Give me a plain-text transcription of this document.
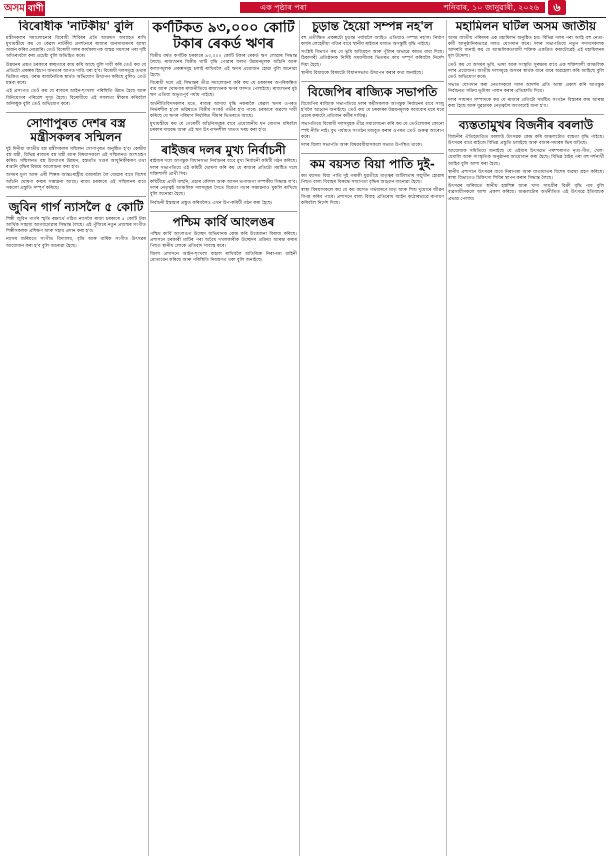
অসম বাণী	এক পৃষ্ঠাৰ পৰা	শনিবাৰ, ১০ জানুৱাৰী, ২০২৬	৬
বিৰোধীক 'নাটকীয়' বুলি

মন্ত্ৰীসকলৰ সমালোচনাৰ বিৰোধী শিবিৰৰ প্ৰতি আক্ৰমণ অব্যাহত ৰাখি মুখ্যমন্ত্ৰীয়ে কয় যে কেৱল নাটকীয় প্ৰদৰ্শনেৰে ৰাজ্যৰ জনসাধাৰণৰ আস্থা অৰ্জন কৰিব নোৱাৰি। তেওঁ বিৰোধী দলৰ কাৰ্যকলাপক বাস্তৱ সমস্যাৰ পৰা দৃষ্টি আঁতৰাবলৈ কৰা প্ৰচেষ্টা বুলি অভিহিত কৰে।

উন্নয়নৰ প্ৰশ্নত চৰকাৰে স্বচ্ছতাৰে কাম কৰি আছে বুলি দাবী কৰি তেওঁ কয় যে প্ৰতিটো প্ৰকল্পৰ হিচাপ জনতাৰ আগত দাঙি ধৰা হ'ব। বিৰোধী দলসমূহে তথ্যৰ ভিত্তিত নহয়, বৰঞ্চ ৰাজনৈতিক স্বাৰ্থত অভিযোগ উত্থাপন কৰিছে বুলিও তেওঁ মন্তব্য কৰে।

এই প্ৰসংগত তেওঁ কয় যে ৰাজ্যৰ আইন-শৃংখলা পৰিস্থিতি উন্নত হৈছে আৰু বিনিয়োগৰ পৰিৱেশ সুদৃঢ় হৈছে। বিৰোধীয়ে এই সফলতা স্বীকাৰ কৰিবলৈ অনিচ্ছুক বুলি তেওঁ অভিযোগ কৰে।

সোণাপুৰত দেশৰ বস্ত্ৰ মন্ত্ৰীসকলৰ সন্মিলন

দুই দিনীয়া জাতীয় বস্ত্ৰ মন্ত্ৰীসকলৰ সন্মিলন সোণাপুৰত অনুষ্ঠিত হ'ব। কেন্দ্ৰীয় বস্ত্ৰ মন্ত্ৰী, বিভিন্ন ৰাজ্যৰ বস্ত্ৰ মন্ত্ৰী আৰু বিষয়াসকলে এই সন্মিলনত অংশগ্ৰহণ কৰিব। সন্মিলনত বস্ত্ৰ উদ্যোগৰ উন্নয়ন, হস্ততাঁত খণ্ডৰ আধুনিকীকৰণ তথা ৰপ্তানি বৃদ্ধিৰ বিষয়ে আলোচনা কৰা হ'ব।

অসমৰ মুগা আৰু এৰী শিল্পক আন্তঃৰাষ্ট্ৰীয় বজাৰলৈ লৈ যোৱাৰ বাবে বিশেষ আঁচনি ঘোষণা কৰাৰ সম্ভাৱনা আছে। ৰাজ্য চৰকাৰে এই সন্মিলনৰ বাবে সকলো প্ৰস্তুতি সম্পূৰ্ণ কৰিছে।

জুবিন গাৰ্গ ন্যাসলৈ ৫ কোটি

শিল্পী জুবিন গাৰ্গৰ স্মৃতি ৰক্ষাৰ্থে গঠিত ন্যাসলৈ ৰাজ্য চৰকাৰে ৫ কোটি টকা আৰ্থিক সাহায্য আগবঢ়োৱাৰ সিদ্ধান্ত লৈছে। এই পুঁজিৰে নতুন প্ৰজন্মৰ সংগীত শিল্পীসকলক প্ৰশিক্ষণ আৰু সহায় প্ৰদান কৰা হ'ব।

ন্যাসৰ জৰিয়তে সংগীত বিদ্যালয়, বৃত্তি আৰু বাৰ্ষিক সংগীত উৎসৱৰ আয়োজন কৰা হ'ব বুলি জনোৱা হৈছে।

কৰ্ণটিকত ৯৩,০০০ কোটি টকাৰ ৰেকৰ্ড ঋণৰ

বিত্তীয় বৰ্ষত কৰ্ণটিক চৰকাৰে ৯৩,০০০ কোটি টকাৰ ৰেকৰ্ড ঋণ লোৱাৰ সিদ্ধান্ত লৈছে। ৰাজ্যখনৰ বিত্তীয় ঘাটি বৃদ্ধি পোৱাৰ ফলত উন্নয়নমূলক আঁচনি আৰু কল্যাণমূলক প্ৰকল্পসমূহ চলাই ৰাখিবলৈ এই ঋণৰ প্ৰয়োজন হোৱা বুলি জনোৱা হৈছে।

বিৰোধী দলে এই সিদ্ধান্তৰ তীব্ৰ সমালোচনা কৰি কয় যে চৰকাৰৰ অপৰিকল্পিত ব্যয় আৰু ঘোষণাৰ ৰাজনীতিয়ে ৰাজ্যখনক ঋণৰ ফান্দত পেলাইছে। ৰাজ্যখনৰ মুঠ ঋণ এতিয়া অভূতপূৰ্ব পৰ্যায় পাইছে।

অৰ্থনীতিবিদসকলৰ মতে, ৰাজস্ব আদায় বৃদ্ধি নকৰাকৈ কেৱল ঋণৰ ওপৰত নিৰ্ভৰশীল হ'লে ভৱিষ্যতে বিত্তীয় সংকট গভীৰ হ'ব পাৰে। চৰকাৰে অৱশ্যে দাবী কৰিছে যে ঋণৰ পৰিমাণ নিৰ্ধাৰিত সীমাৰ ভিতৰতে আছে।

মুখ্যমন্ত্ৰীয়ে কয় যে গেৰেণ্টী আঁচনিসমূহৰ বাবে প্ৰয়োজনীয় ধন যোগান ধৰিবলৈ চৰকাৰ দায়বদ্ধ আৰু এই ঋণ উৎপাদনশীল খাতত খৰচ কৰা হ'ব।

ৰাইজৰ দলৰ মুখ্য নিৰ্বাচনী

ৰাইজৰ দলে আগন্তুক বিধানসভা নিৰ্বাচনৰ বাবে মুখ্য নিৰ্বাচনী কমিটী গঠন কৰিছে। দলৰ সভাপতিয়ে এই কমিটী ঘোষণা কৰি কয় যে ৰাজ্যৰ প্ৰতিটো সমষ্টিত দলে শক্তিশালী প্ৰাৰ্থী দিব।

কমিটীয়ে প্ৰাৰ্থী বাছনি, প্ৰচাৰ কৌশল আৰু আসন ভগাজগা সম্পৰ্কীয় সিদ্ধান্ত ল'ব। দলৰ নেতৃত্বই আঞ্চলিক দলসমূহৰ সৈতে মিত্ৰতা গঢ়াৰ সম্ভাৱনাও মুকলি ৰাখিছে বুলি জনোৱা হৈছে।

নিৰ্বাচনী ইস্তাহাৰ প্ৰস্তুত কৰিবলৈও এখন উপ-কমিটী গঠন কৰা হৈছে।

পশ্চিম কাৰ্বি আংলঙৰ

পশ্চিম কাৰ্বি আংলঙত উচ্ছেদ অভিযানক কেন্দ্ৰ কৰি উত্তেজনা বিৰাজ কৰিছে। প্ৰশাসনে চৰকাৰী মাটিৰ পৰা অবৈধ দখলকাৰীক উচ্ছেদৰ প্ৰক্ৰিয়া আৰম্ভ কৰাৰ পিছত স্থানীয় লোকে প্ৰতিবাদ সাব্যস্ত কৰে।

জিলা প্ৰশাসনে আইন-শৃংখলা বাহাল ৰাখিবলৈ অতিৰিক্ত নিৰাপত্তা বাহিনী মোতায়েন কৰিছে আৰু পৰিস্থিতি নিয়ন্ত্ৰণত থকা বুলি জনাইছে।

চুড়ান্ত হৈয়ো সম্পন্ন নহ'ল

বহু প্ৰতীক্ষিত প্ৰকল্পটো চূড়ান্ত পৰ্যায়লৈ আহিও এতিয়াও সম্পন্ন নহ'ল। নিৰ্মাণ কাৰ্যৰ লেহেমীয়া গতিৰ বাবে স্থানীয় ৰাইজৰ মাজত অসন্তুষ্টি বৃদ্ধি পাইছে।

সংশ্লিষ্ট বিভাগে কয় যে ভূমি অধিগ্ৰহণ আৰু পুঁজিৰ অভাৱে কামত বাধা দিছে। ঠিকাদাৰী প্ৰতিষ্ঠানক নিৰ্দিষ্ট সময়সীমাৰ ভিতৰত কাম সম্পূৰ্ণ কৰিবলৈ নিৰ্দেশ দিয়া হৈছে।

স্থানীয় বিধায়কে বিষয়টো বিধানসভাত উত্থাপন কৰাৰ কথা জনাইছে।

বিজেপিৰ ৰাজ্যিক সভাপতি

বিজেপিৰ ৰাজ্যিক সভাপতিয়ে দলৰ কৰ্মীসকলক আগন্তুক নিৰ্বাচনৰ বাবে সাজু হ'বলৈ আহ্বান জনাইছে। তেওঁ কয় যে চৰকাৰৰ উন্নয়নমূলক কামবোৰ ঘৰে ঘৰে প্ৰচাৰ কৰাটো প্ৰতিজন কৰ্মীৰ দায়িত্ব।

সভাপতিয়ে বিৰোধী দলসমূহক তীব্ৰ সমালোচনা কৰি কয় যে তেওঁলোকৰ কোনো স্পষ্ট নীতি নাই। বুথ পৰ্যায়ত সংগঠন মজবুত কৰাৰ ওপৰত তেওঁ গুৰুত্ব আৰোপ কৰে।

দলৰ জিলা সভাপতি আৰু বিষয়ববীয়াসকলে সভাত উপস্থিত থাকে।

কম বয়সত বিয়া পাতি দুই-

কম বয়সত বিয়া পাতি দুই গৰাকী যুৱতীয়ে মাতৃত্বৰ জটিলতাৰ সন্মুখীন হোৱাৰ পিছত বাল্য বিবাহৰ বিৰুদ্ধে সজাগতা বৃদ্ধিৰ আহ্বান জনোৱা হৈছে।

স্বাস্থ্য বিষয়াসকলে কয় যে কম বয়সত গৰ্ভধাৰণে মাতৃ আৰু শিশু দুয়োৰে জীৱন বিপন্ন কৰিব পাৰে। প্ৰশাসনে বাল্য বিবাহ প্ৰতিৰোধ আইন কঠোৰভাৱে ৰূপায়ণ কৰিবলৈ নিৰ্দেশ দিছে।

মহামিলন ঘটিল অসম জাতীয়

অসম জাতীয় পৰিষদৰ এক মহামিলন অনুষ্ঠিত হয়। বিভিন্ন দলৰ পৰা আহি বহু নেতা-কৰ্মী আনুষ্ঠানিকভাৱে দলত যোগদান কৰে। দলৰ সভাপতিয়ে নতুন সদস্যসকলক আদৰণি জনাই কয় যে আঞ্চলিকতাবাদী শক্তিক একত্ৰিত কৰাটোৱেই এই মহামিলনৰ মূল উদ্দেশ্য।

তেওঁ কয় যে অসমৰ ভূমি, ভাষা আৰু সংস্কৃতি সুৰক্ষাৰ বাবে এক শক্তিশালী আঞ্চলিক দলৰ প্ৰয়োজন। জাতীয় দলসমূহে অসমৰ স্বাৰ্থক বাৰে বাৰে অৱহেলা কৰি আহিছে বুলি তেওঁ অভিযোগ কৰে।

সভাত যোগদান কৰা নেতাসকলে দলৰ আদৰ্শৰ প্ৰতি আস্থা প্ৰকাশ কৰি আগন্তুক নিৰ্বাচনত সক্ৰিয় ভূমিকা পালন কৰাৰ প্ৰতিশ্ৰুতি দিয়ে।

দলৰ সাধাৰণ সম্পাদকে কয় যে ৰাজ্যৰ প্ৰতিটো সমষ্টিত সংগঠন বিস্তাৰৰ কাম আৰম্ভ কৰা হৈছে আৰু যুৱচামক নেতৃত্বলৈ আগবঢ়াই অনা হ'ব।

ব্যস্ততামুখৰ বিজনীৰ বৰলাউ

বিজনীৰ ঐতিহ্যমণ্ডিত বৰলাউ উৎসৱক কেন্দ্ৰ কৰি অঞ্চলটোত ব্যস্ততা বৃদ্ধি পাইছে। উৎসৱৰ বাবে ৰাইজে বিভিন্ন প্ৰস্তুতি চলাইছে আৰু বজাৰ-সমাৰৰ ভিৰ বাঢ়িছে।

আয়োজক সমিতিয়ে জনাইছে যে এইবাৰ উৎসৱত পৰম্পৰাগত নৃত্য-গীত, খেল-ধেমালি আৰু সাংস্কৃতিক অনুষ্ঠানৰ আয়োজন কৰা হৈছে। বিভিন্ন ঠাইৰ পৰা বহু দৰ্শনাৰ্থী আহিব বুলি আশা কৰা হৈছে।

স্থানীয় প্ৰশাসনে উৎসৱৰ বাবে নিৰাপত্তা আৰু যাতায়াতৰ বিশেষ ব্যৱস্থা গ্ৰহণ কৰিছে। স্বাস্থ্য বিভাগেও চিকিৎসা শিবিৰ স্থাপন কৰাৰ সিদ্ধান্ত লৈছে।

উৎসৱৰ জৰিয়তে স্থানীয় হস্তশিল্প আৰু খাদ্য সামগ্ৰীৰ বিক্ৰী বৃদ্ধি পাব বুলি ব্যৱসায়ীসকলে আশা প্ৰকাশ কৰিছে। অঞ্চলটোৰ অৰ্থনীতিত এই উৎসৱে ইতিবাচক প্ৰভাৱ পেলায়।
